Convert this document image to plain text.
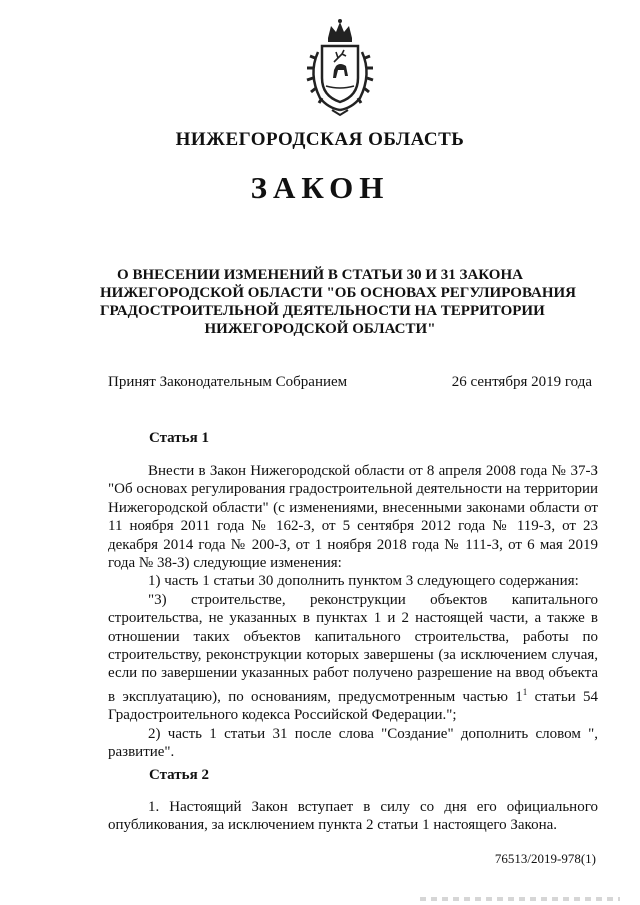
НИЖЕГОРОДСКАЯ ОБЛАСТЬ
ЗАКОН
О ВНЕСЕНИИ ИЗМЕНЕНИЙ В СТАТЬИ 30 И 31 ЗАКОНА
НИЖЕГОРОДСКОЙ ОБЛАСТИ "ОБ ОСНОВАХ РЕГУЛИРОВАНИЯ
ГРАДОСТРОИТЕЛЬНОЙ ДЕЯТЕЛЬНОСТИ НА ТЕРРИТОРИИ
НИЖЕГОРОДСКОЙ ОБЛАСТИ"
Принят Законодательным Собранием	26 сентября 2019 года
Статья 1

Внести в Закон Нижегородской области от 8 апреля 2008 года № 37-З "Об основах регулирования градостроительной деятельности на территории Нижегородской области" (с изменениями, внесенными законами области от 11 ноября 2011 года № 162-З, от 5 сентября 2012 года № 119-З, от 23 декабря 2014 года № 200-З, от 1 ноября 2018 года № 111-З, от 6 мая 2019 года № 38-З) следующие изменения:

1) часть 1 статьи 30 дополнить пунктом 3 следующего содержания:

"3) строительстве, реконструкции объектов капитального строительства, не указанных в пунктах 1 и 2 настоящей части, а также в отношении таких объектов капитального строительства, работы по строительству, реконструкции которых завершены (за исключением случая, если по завершении указанных работ получено разрешение на ввод объекта в эксплуатацию), по основаниям, предусмотренным частью $1^1$ статьи 54 Градостроительного кодекса Российской Федерации.";

2) часть 1 статьи 31 после слова "Создание" дополнить словом ", развитие".

Статья 2

1. Настоящий Закон вступает в силу со дня его официального опубликования, за исключением пункта 2 статьи 1 настоящего Закона.

76513/2019-978(1)
